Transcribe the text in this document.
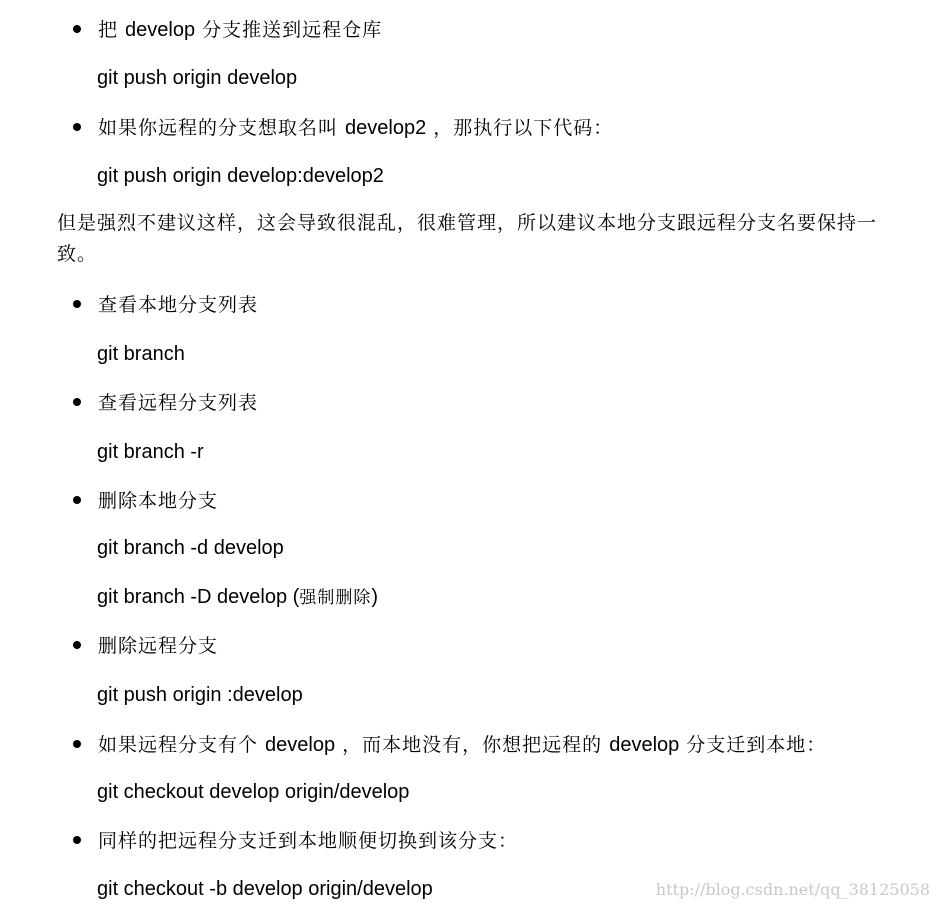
把 develop 分支推送到远程仓库
git push origin develop
如果你远程的分支想取名叫 develop2 ，那执行以下代码：
git push origin develop:develop2
但是强烈不建议这样，这会导致很混乱，很难管理，所以建议本地分支跟远程分支名要保持一致。
查看本地分支列表
git branch
查看远程分支列表
git branch -r
删除本地分支
git branch -d develop
git branch -D develop (强制删除)
删除远程分支
git push origin :develop
如果远程分支有个 develop ，而本地没有，你想把远程的 develop 分支迁到本地：
git checkout develop origin/develop
同样的把远程分支迁到本地顺便切换到该分支：
git checkout -b develop origin/develop	http://blog.csdn.net/qq_38125058
